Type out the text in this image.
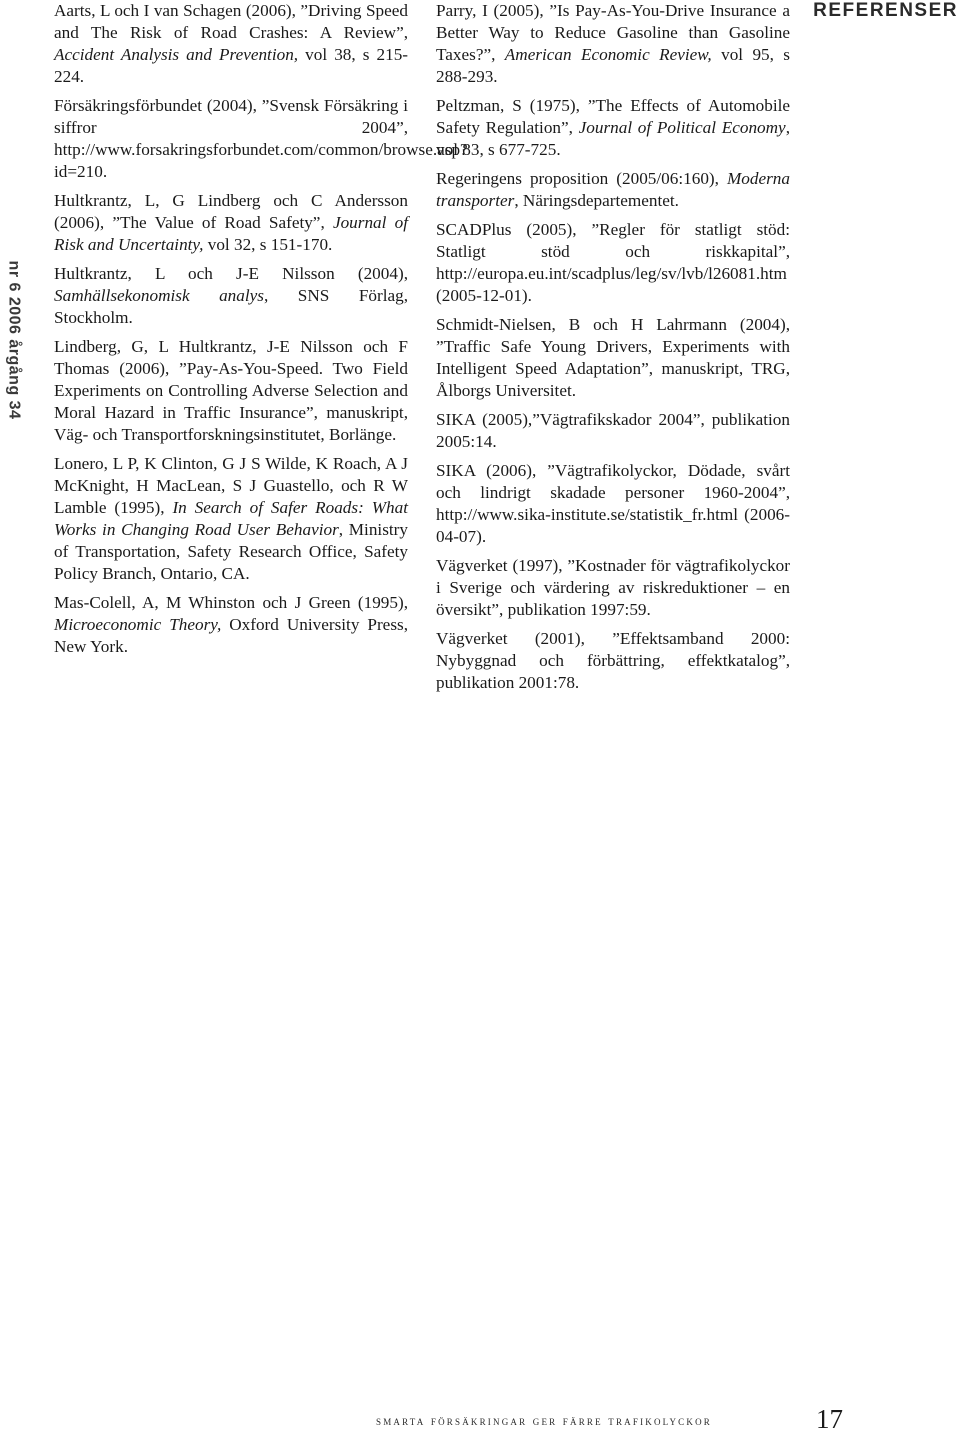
nr 6 2006 årgång 34
REFERENSER

Aarts, L och I van Schagen (2006), ”Driving Speed and The Risk of Road Crashes: A Review”, Accident Analysis and Prevention, vol 38, s 215-224.

Försäkringsförbundet (2004), ”Svensk Försäkring i siffror 2004”, http://www.forsakringsforbundet.com/common/browse.asp?id=210.

Hultkrantz, L, G Lindberg och C Andersson (2006), ”The Value of Road Safety”, Journal of Risk and Uncertainty, vol 32, s 151-170.

Hultkrantz, L och J-E Nilsson (2004), Samhällsekonomisk analys, SNS Förlag, Stockholm.

Lindberg, G, L Hultkrantz, J-E Nilsson och F Thomas (2006), ”Pay-As-You-Speed. Two Field Experiments on Controlling Adverse Selection and Moral Hazard in Traffic Insurance”, manuskript, Väg- och Transportforskningsinstitutet, Borlänge.

Lonero, L P, K Clinton, G J S Wilde, K Roach, A J McKnight, H MacLean, S J Guastello, och R W Lamble (1995), In Search of Safer Roads: What Works in Changing Road User Behavior, Ministry of Transportation, Safety Research Office, Safety Policy Branch, Ontario, CA.

Mas-Colell, A, M Whinston och J Green (1995), Microeconomic Theory, Oxford University Press, New York.

Parry, I (2005), ”Is Pay-As-You-Drive Insurance a Better Way to Reduce Gasoline than Gasoline Taxes?”, American Economic Review, vol 95, s 288-293.

Peltzman, S (1975), ”The Effects of Automobile Safety Regulation”, Journal of Political Economy, vol 83, s 677-725.

Regeringens proposition (2005/06:160), Moderna transporter, Näringsdepartementet.

SCADPlus (2005), ”Regler för statligt stöd: Statligt stöd och riskkapital”, http://europa.eu.int/scadplus/leg/sv/lvb/l26081.htm (2005-12-01).

Schmidt-Nielsen, B och H Lahrmann (2004), ”Traffic Safe Young Drivers, Experiments with Intelligent Speed Adaptation”, manuskript, TRG, Ålborgs Universitet.

SIKA (2005),”Vägtrafikskador 2004”, publikation 2005:14.

SIKA (2006), ”Vägtrafikolyckor, Dödade, svårt och lindrigt skadade personer 1960-2004”, http://www.sika-institute.se/statistik_fr.html (2006-04-07).

Vägverket (1997), ”Kostnader för vägtrafikolyckor i Sverige och värdering av riskreduktioner – en översikt”, publikation 1997:59.

Vägverket (2001), ”Effektsamband 2000: Nybyggnad och förbättring, effektkatalog”, publikation 2001:78.

smarta försäkringar ger färre trafikolyckor	17
